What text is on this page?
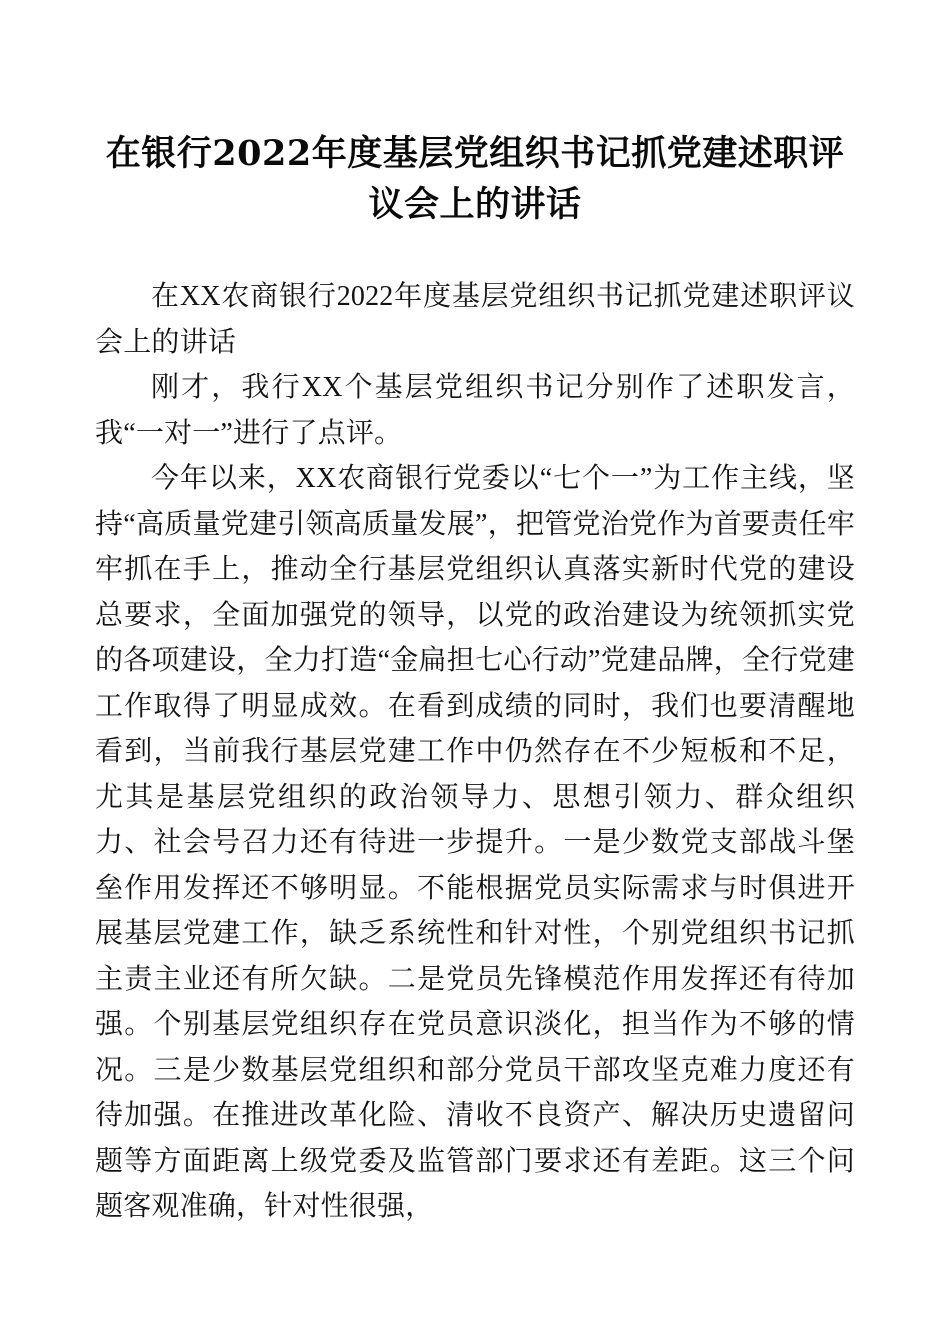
在银行2022年度基层党组织书记抓党建述职评议会上的讲话

在XX农商银行2022年度基层党组织书记抓党建述职评议会上的讲话

刚才，我行XX个基层党组织书记分别作了述职发言，我“一对一”进行了点评。

今年以来，XX农商银行党委以“七个一”为工作主线，坚持“高质量党建引领高质量发展”，把管党治党作为首要责任牢牢抓在手上，推动全行基层党组织认真落实新时代党的建设总要求，全面加强党的领导，以党的政治建设为统领抓实党的各项建设，全力打造“金扁担七心行动”党建品牌，全行党建工作取得了明显成效。在看到成绩的同时，我们也要清醒地看到，当前我行基层党建工作中仍然存在不少短板和不足，尤其是基层党组织的政治领导力、思想引领力、群众组织力、社会号召力还有待进一步提升。一是少数党支部战斗堡垒作用发挥还不够明显。不能根据党员实际需求与时俱进开展基层党建工作，缺乏系统性和针对性，个别党组织书记抓主责主业还有所欠缺。二是党员先锋模范作用发挥还有待加强。个别基层党组织存在党员意识淡化，担当作为不够的情况。三是少数基层党组织和部分党员干部攻坚克难力度还有待加强。在推进改革化险、清收不良资产、解决历史遗留问题等方面距离上级党委及监管部门要求还有差距。这三个问题客观准确，针对性很强，
